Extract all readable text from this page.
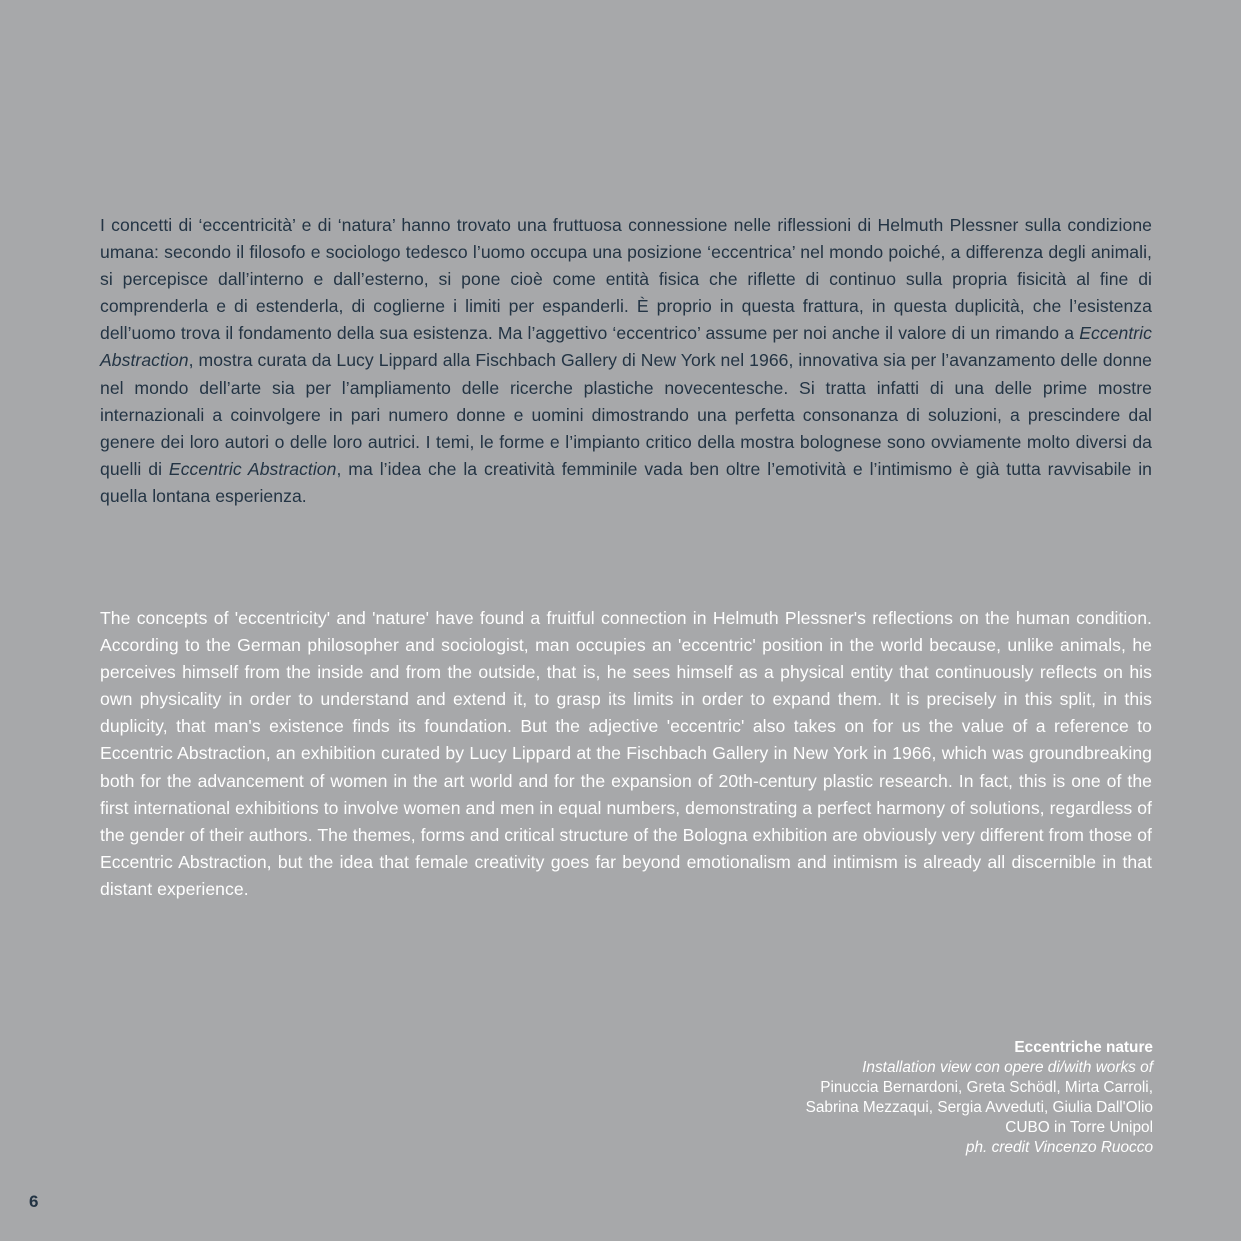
I concetti di ‘eccentricità’ e di ‘natura’ hanno trovato una fruttuosa connessione nelle riflessioni di Helmuth Plessner sulla condizione umana: secondo il filosofo e sociologo tedesco l’uomo occupa una posizione ‘eccentrica’ nel mondo poiché, a differenza degli animali, si percepisce dall’interno e dall’esterno, si pone cioè come entità fisica che riflette di continuo sulla propria fisicità al fine di comprenderla e di estenderla, di coglierne i limiti per espanderli. È proprio in questa frattura, in questa duplicità, che l’esistenza dell’uomo trova il fondamento della sua esistenza. Ma l’aggettivo ‘eccentrico’ assume per noi anche il valore di un rimando a Eccentric Abstraction, mostra curata da Lucy Lippard alla Fischbach Gallery di New York nel 1966, innovativa sia per l’avanzamento delle donne nel mondo dell’arte sia per l’ampliamento delle ricerche plastiche novecentesche. Si tratta infatti di una delle prime mostre internazionali a coinvolgere in pari numero donne e uomini dimostrando una perfetta consonanza di soluzioni, a prescindere dal genere dei loro autori o delle loro autrici. I temi, le forme e l’impianto critico della mostra bolognese sono ovviamente molto diversi da quelli di Eccentric Abstraction, ma l’idea che la creatività femminile vada ben oltre l’emotività e l’intimismo è già tutta ravvisabile in quella lontana esperienza.

The concepts of 'eccentricity' and 'nature' have found a fruitful connection in Helmuth Plessner's reflections on the human condition. According to the German philosopher and sociologist, man occupies an 'eccentric' position in the world because, unlike animals, he perceives himself from the inside and from the outside, that is, he sees himself as a physical entity that continuously reflects on his own physicality in order to understand and extend it, to grasp its limits in order to expand them. It is precisely in this split, in this duplicity, that man's existence finds its foundation. But the adjective 'eccentric' also takes on for us the value of a reference to Eccentric Abstraction, an exhibition curated by Lucy Lippard at the Fischbach Gallery in New York in 1966, which was groundbreaking both for the advancement of women in the art world and for the expansion of 20th-century plastic research. In fact, this is one of the first international exhibitions to involve women and men in equal numbers, demonstrating a perfect harmony of solutions, regardless of the gender of their authors. The themes, forms and critical structure of the Bologna exhibition are obviously very different from those of Eccentric Abstraction, but the idea that female creativity goes far beyond emotionalism and intimism is already all discernible in that distant experience.

Eccentriche nature
Installation view con opere di/with works of
Pinuccia Bernardoni, Greta Schödl, Mirta Carroli,
Sabrina Mezzaqui, Sergia Avveduti, Giulia Dall'Olio
CUBO in Torre Unipol
ph. credit Vincenzo Ruocco
6
